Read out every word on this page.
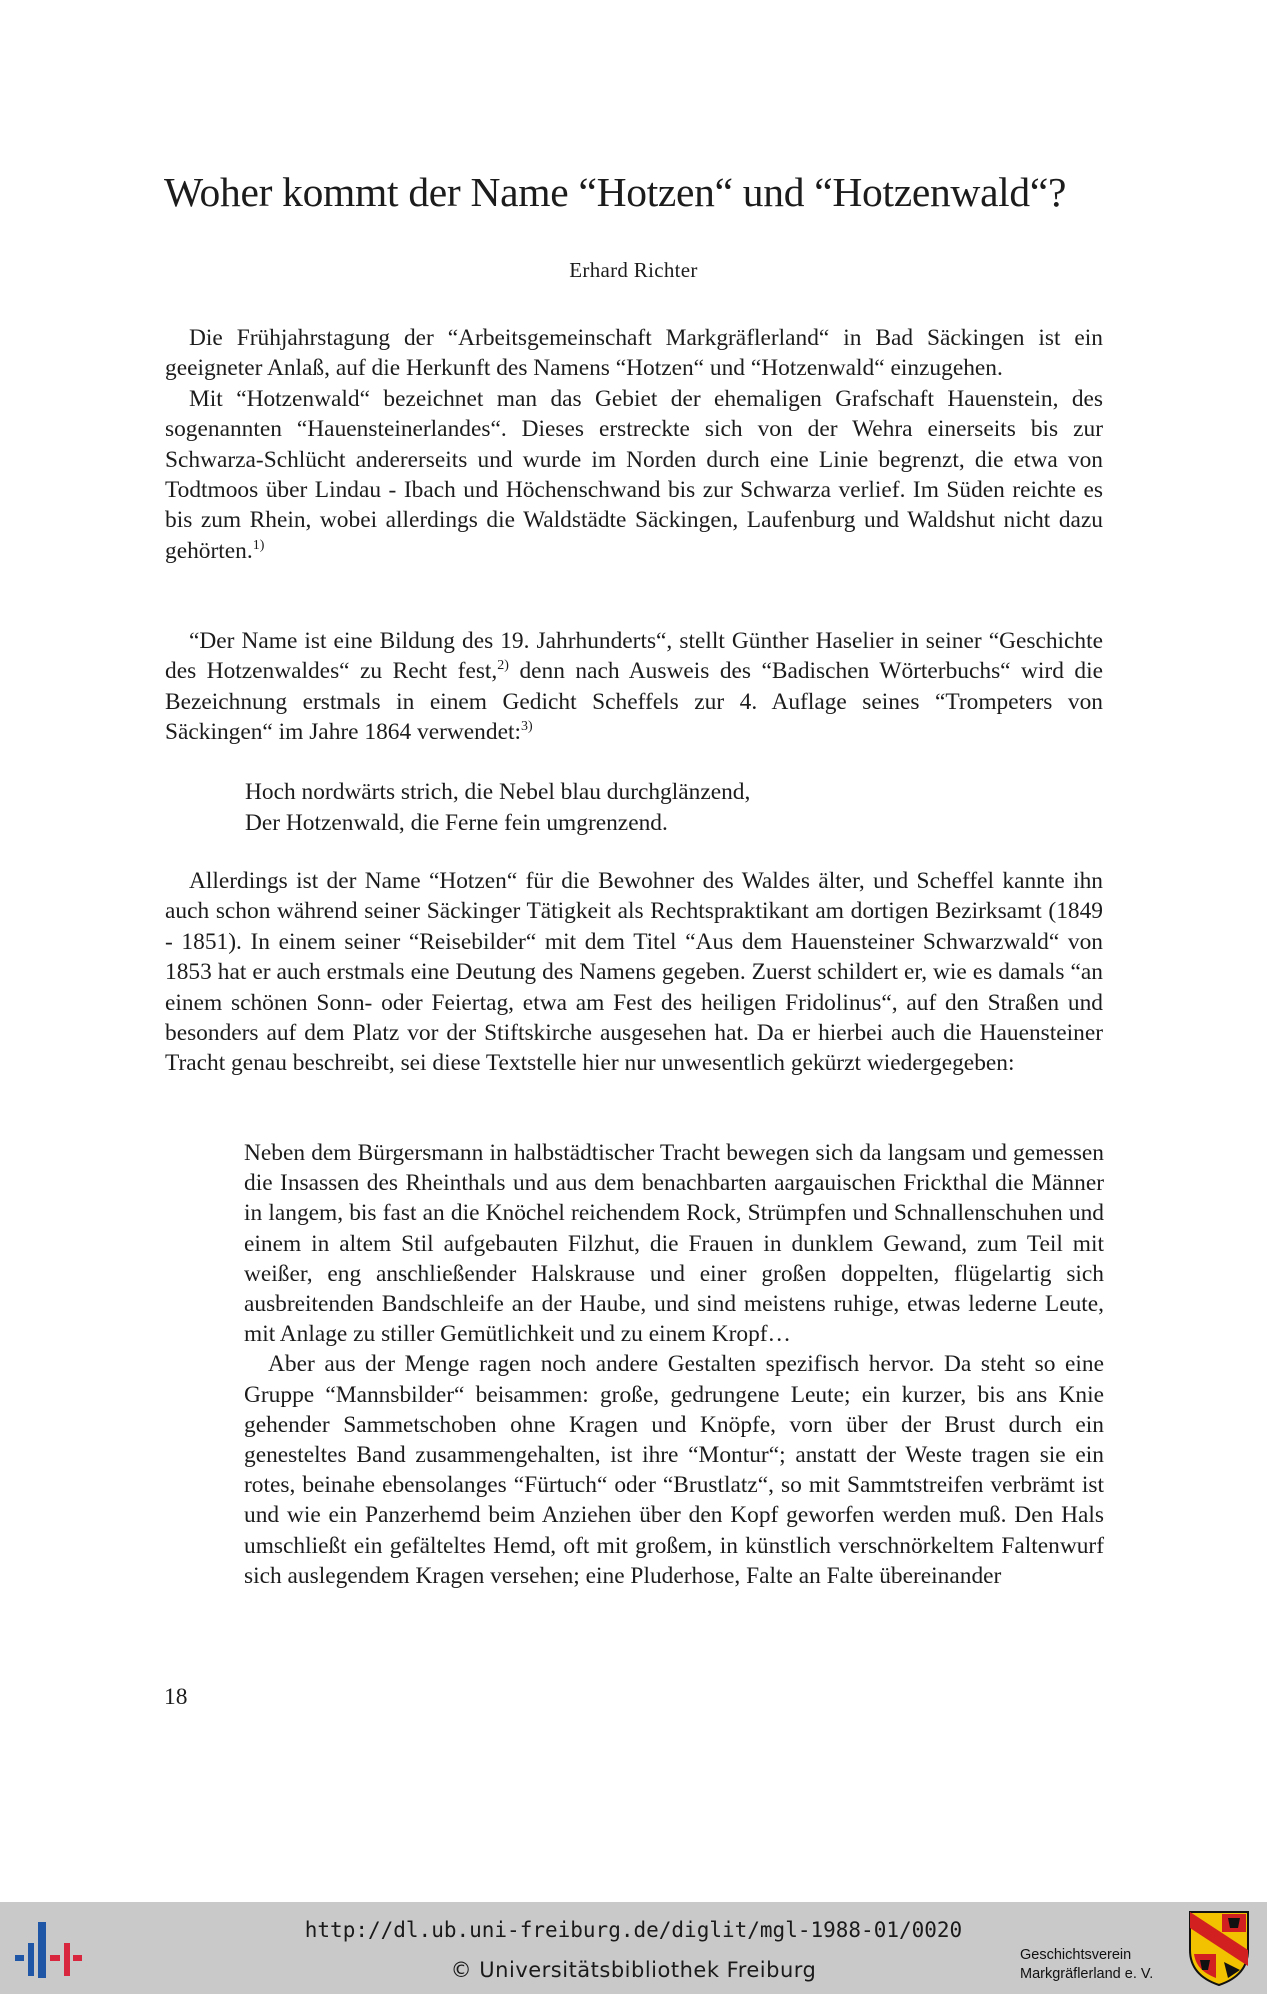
Woher kommt der Name “Hotzen“ und “Hotzenwald“?
Erhard Richter

Die Frühjahrstagung der “Arbeitsgemeinschaft Markgräflerland“ in Bad Säckingen ist ein geeigneter Anlaß, auf die Herkunft des Namens “Hotzen“ und “Hotzenwald“ einzugehen.

Mit “Hotzenwald“ bezeichnet man das Gebiet der ehemaligen Grafschaft Hauenstein, des sogenannten “Hauensteinerlandes“. Dieses erstreckte sich von der Wehra einerseits bis zur Schwarza-Schlücht andererseits und wurde im Norden durch eine Linie begrenzt, die etwa von Todtmoos über Lindau - Ibach und Höchenschwand bis zur Schwarza verlief. Im Süden reichte es bis zum Rhein, wobei allerdings die Waldstädte Säckingen, Laufenburg und Waldshut nicht dazu gehörten.$^{1)}$

“Der Name ist eine Bildung des 19. Jahrhunderts“, stellt Günther Haselier in seiner “Geschichte des Hotzenwaldes“ zu Recht fest,$^{2)}$ denn nach Ausweis des “Badischen Wörterbuchs“ wird die Bezeichnung erstmals in einem Gedicht Scheffels zur 4. Auflage seines “Trompeters von Säckingen“ im Jahre 1864 verwendet:$^{3)}$

Hoch nordwärts strich, die Nebel blau durchglänzend,
Der Hotzenwald, die Ferne fein umgrenzend.

Allerdings ist der Name “Hotzen“ für die Bewohner des Waldes älter, und Scheffel kannte ihn auch schon während seiner Säckinger Tätigkeit als Rechtspraktikant am dortigen Bezirksamt (1849 - 1851). In einem seiner “Reisebilder“ mit dem Titel “Aus dem Hauensteiner Schwarzwald“ von 1853 hat er auch erstmals eine Deutung des Namens gegeben. Zuerst schildert er, wie es damals “an einem schönen Sonn- oder Feiertag, etwa am Fest des heiligen Fridolinus“, auf den Straßen und besonders auf dem Platz vor der Stiftskirche ausgesehen hat. Da er hierbei auch die Hauensteiner Tracht genau beschreibt, sei diese Textstelle hier nur unwesentlich gekürzt wiedergegeben:

Neben dem Bürgersmann in halbstädtischer Tracht bewegen sich da langsam und gemessen die Insassen des Rheinthals und aus dem benachbarten aargauischen Frickthal die Männer in langem, bis fast an die Knöchel reichendem Rock, Strümpfen und Schnallenschuhen und einem in altem Stil aufgebauten Filzhut, die Frauen in dunklem Gewand, zum Teil mit weißer, eng anschließender Halskrause und einer großen doppelten, flügelartig sich ausbreitenden Bandschleife an der Haube, und sind meistens ruhige, etwas lederne Leute, mit Anlage zu stiller Gemütlichkeit und zu einem Kropf…

Aber aus der Menge ragen noch andere Gestalten spezifisch hervor. Da steht so eine Gruppe “Mannsbilder“ beisammen: große, gedrungene Leute; ein kurzer, bis ans Knie gehender Sammetschoben ohne Kragen und Knöpfe, vorn über der Brust durch ein genesteltes Band zusammengehalten, ist ihre “Montur“; anstatt der Weste tragen sie ein rotes, beinahe ebensolanges “Fürtuch“ oder “Brustlatz“, so mit Sammtstreifen verbrämt ist und wie ein Panzerhemd beim Anziehen über den Kopf geworfen werden muß. Den Hals umschließt ein gefälteltes Hemd, oft mit großem, in künstlich verschnörkeltem Faltenwurf sich auslegendem Kragen versehen; eine Pluderhose, Falte an Falte übereinander

18
http://dl.ub.uni-freiburg.de/diglit/mgl-1988-01/0020
© Universitätsbibliothek Freiburg
Geschichtsverein
Markgräflerland e. V.
